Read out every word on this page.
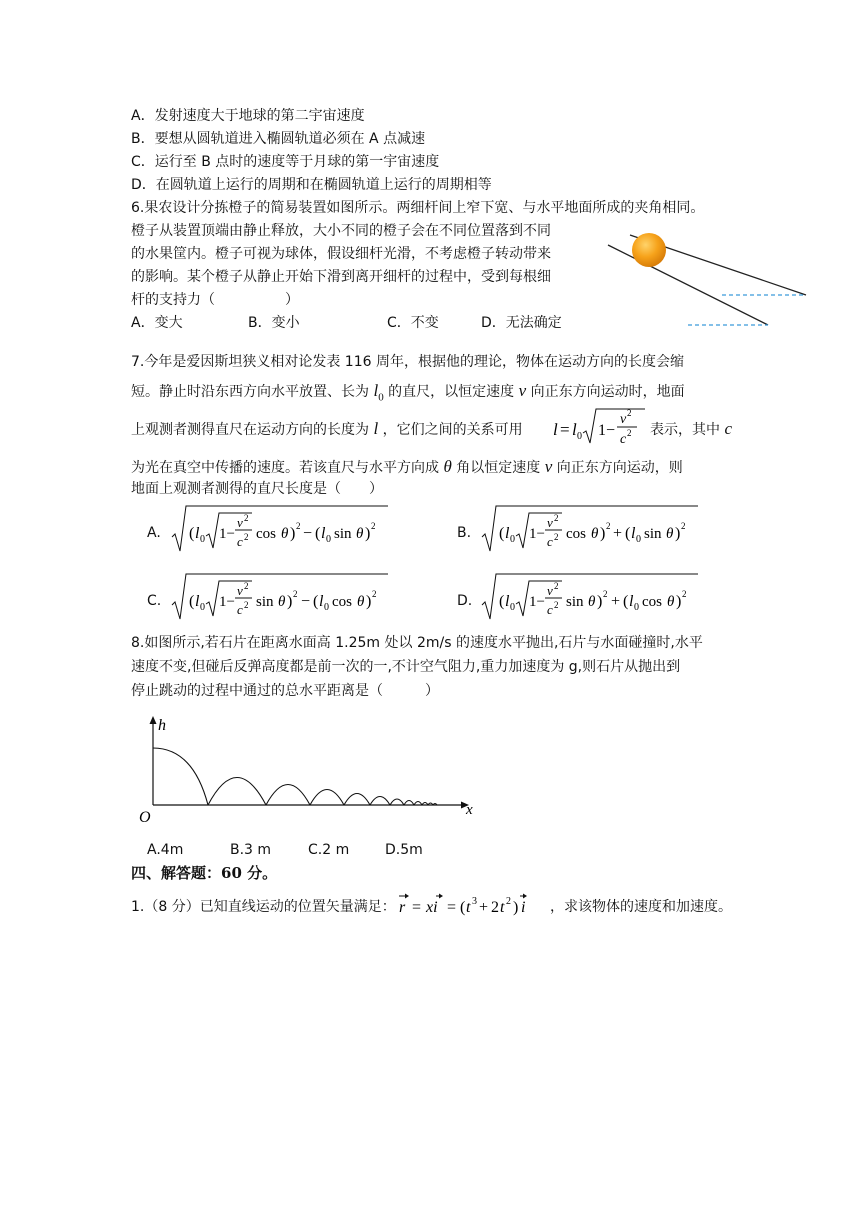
A．发射速度大于地球的第二宇宙速度
B．要想从圆轨道进入椭圆轨道必须在 A 点减速
C．运行至 B 点时的速度等于月球的第一宇宙速度
D．在圆轨道上运行的周期和在椭圆轨道上运行的周期相等
6.果农设计分拣橙子的简易装置如图所示。两细杆间上窄下宽、与水平地面所成的夹角相同。
橙子从装置顶端由静止释放，大小不同的橙子会在不同位置落到不同
的水果筐内。橙子可视为球体，假设细杆光滑，不考虑橙子转动带来
的影响。某个橙子从静止开始下滑到离开细杆的过程中，受到每根细
杆的支持力（　　　　　）
A．变大	B．变小	C．不变	D．无法确定
7.今年是爱因斯坦狭义相对论发表 116 周年，根据他的理论，物体在运动方向的长度会缩
短。静止时沿东西方向水平放置、长为 $l_0$ 的直尺，以恒定速度 v 向正东方向运动时，地面
上观测者测得直尺在运动方向的长度为 l ，它们之间的关系可用 l = l 0 1−
v 2
c 2 表示，其中 c
为光在真空中传播的速度。若该直尺与水平方向成 θ 角以恒定速度 v 向正东方向运动，则
地面上观测者测得的直尺长度是（　　）
A. ( l 0 1−
v 2
c 2 cos θ ) 2 − ( l 0 sin θ ) 2	B. ( l 0 1−
v 2
c 2 cos θ ) 2 + ( l 0 sin θ ) 2
C. ( l 0 1−
v 2
c 2 sin θ ) 2 − ( l 0 cos θ ) 2	D. ( l 0 1−
v 2
c 2 sin θ ) 2 + ( l 0 cos θ ) 2
8.如图所示,若石片在距离水面高 1.25m 处以 2m/s 的速度水平抛出,石片与水面碰撞时,水平
速度不变,但碰后反弹高度都是前一次的一,不计空气阻力,重力加速度为 g,则石片从抛出到
停止跳动的过程中通过的总水平距离是（　　　）
h
x
O
A.4m	B.3 m	C.2 m	D.5m
四、解答题：60 分。
1.（8 分）已知直线运动的位置矢量满足： r = xi = ( t 3 + 2 t 2 ) i ，求该物体的速度和加速度。
